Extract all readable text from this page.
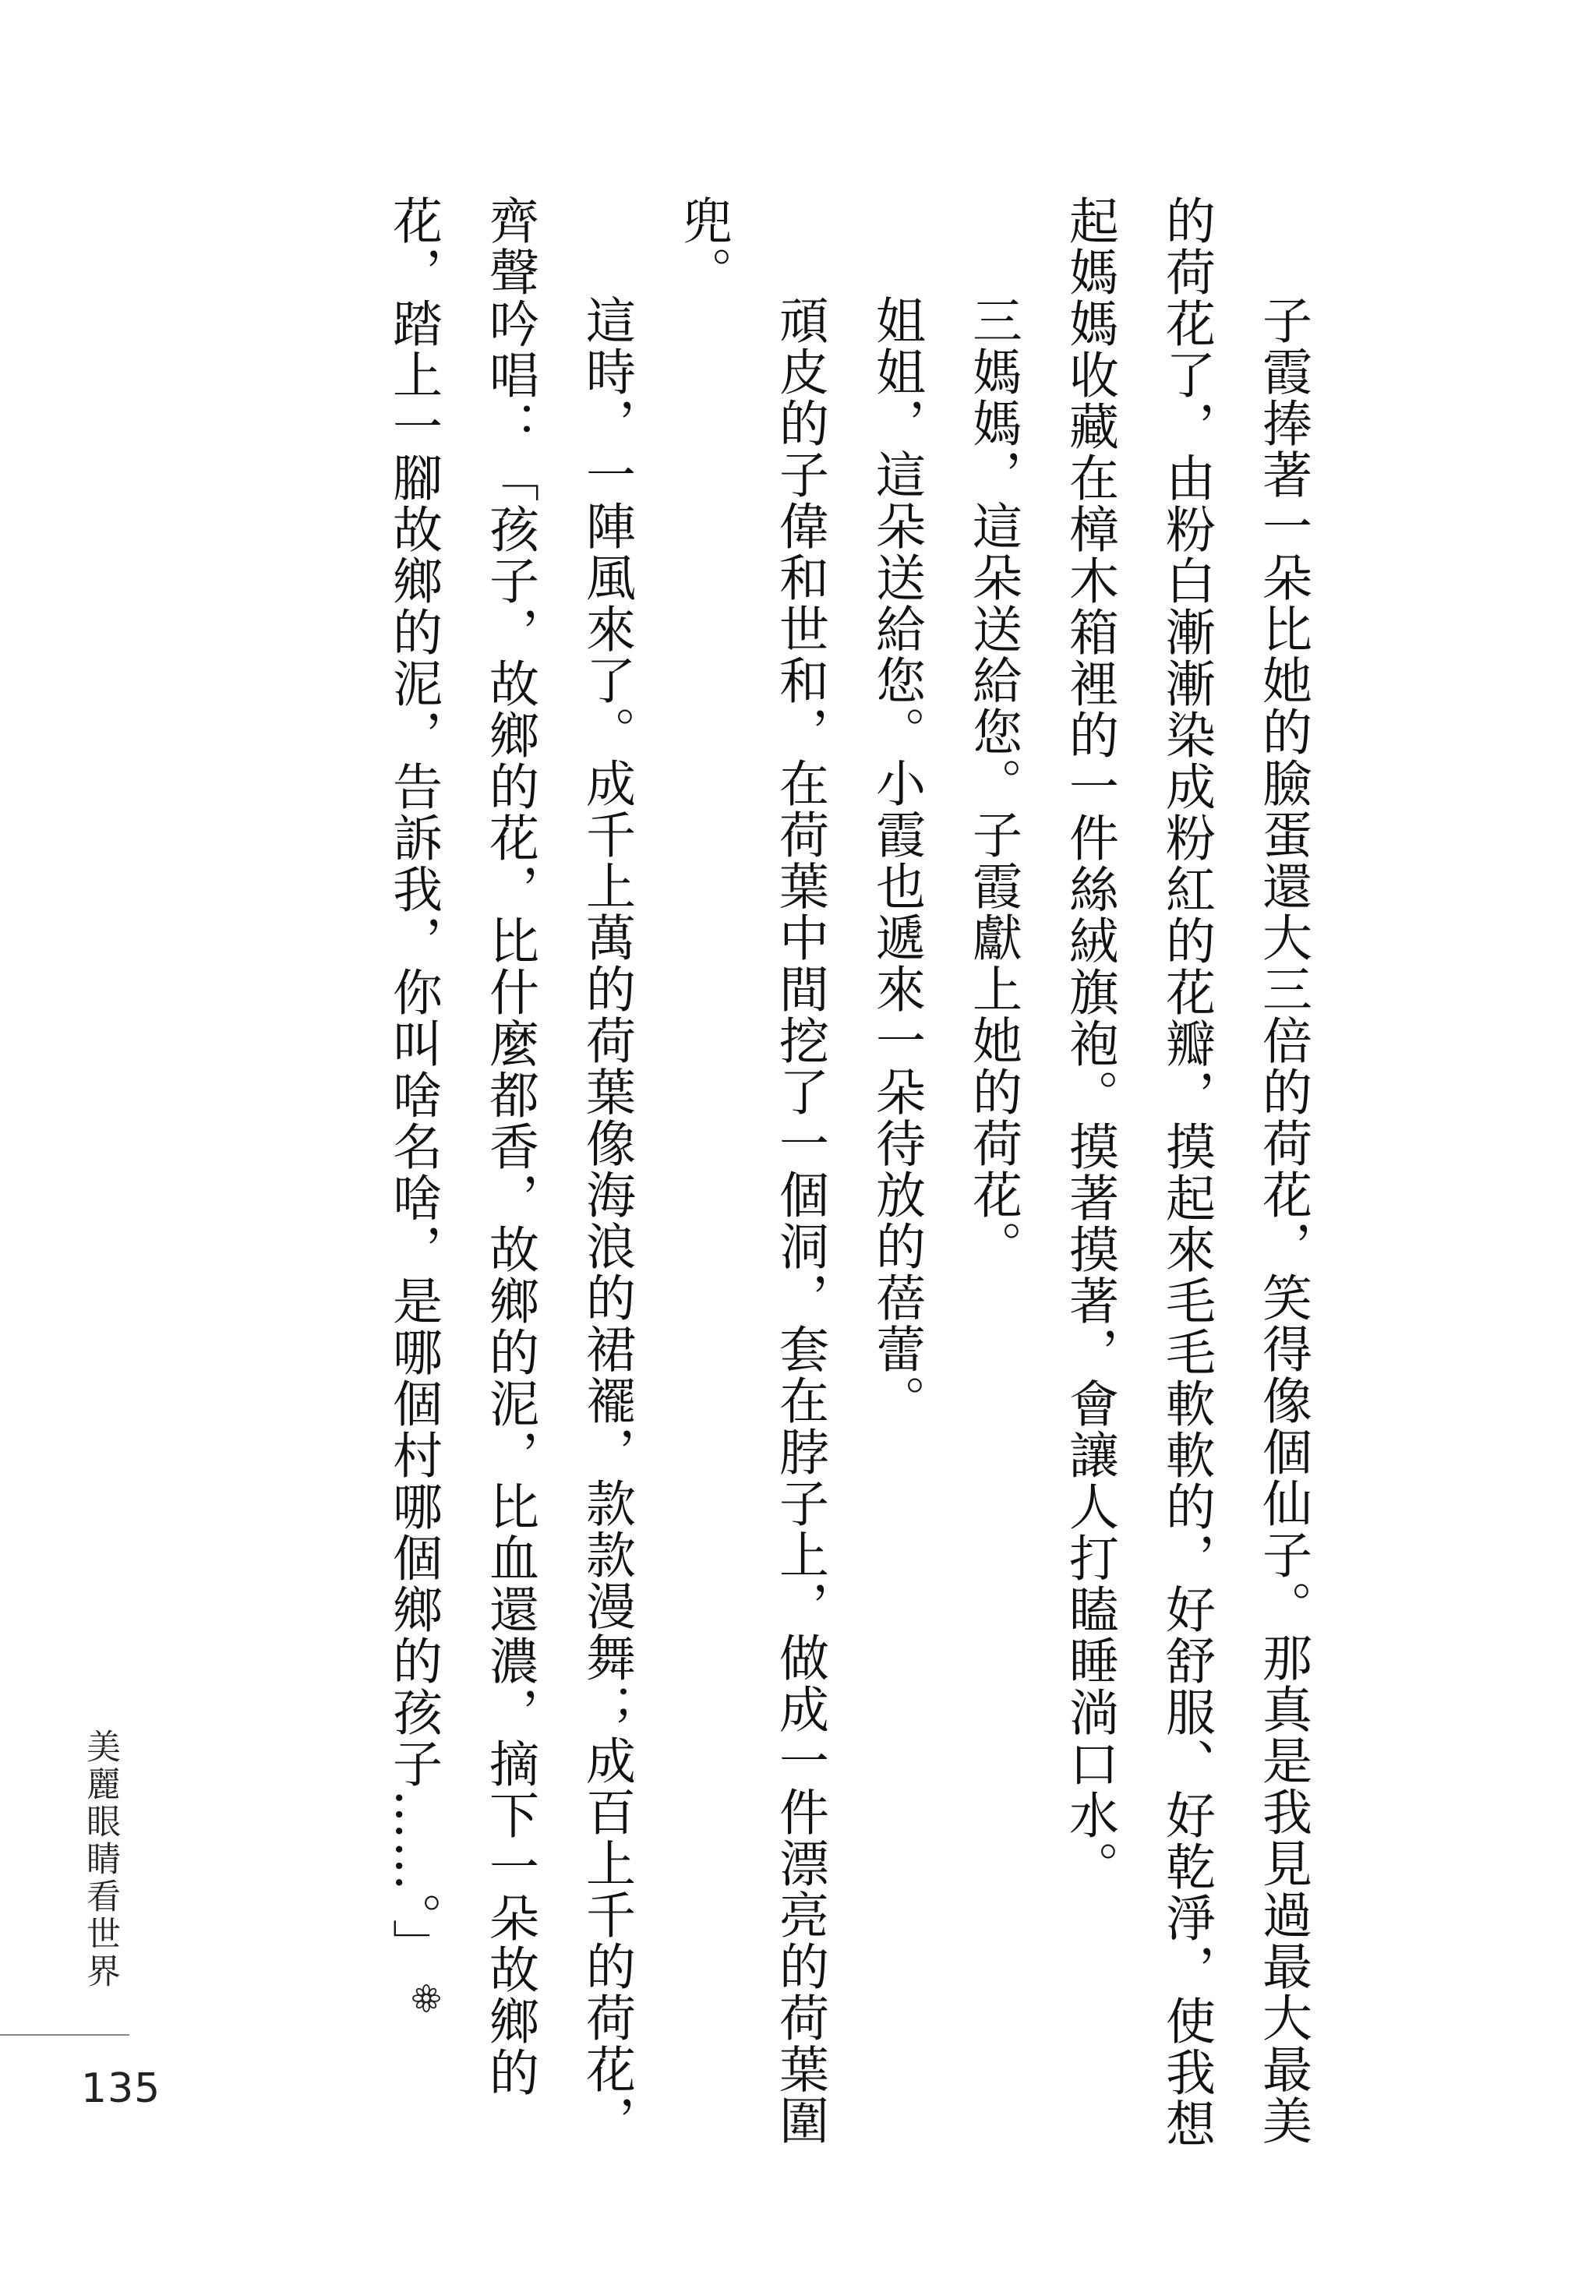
子霞捧著一朵比她的臉蛋還大三倍的荷花，笑得像個仙子。那真是我見過最大最美的荷花了，由粉白漸漸染成粉紅的花瓣，摸起來毛毛軟軟的，好舒服、好乾淨，使我想起媽媽收藏在樟木箱裡的一件絲絨旗袍。摸著摸著，會讓人打瞌睡淌口水。

三媽媽，這朵送給您。子霞獻上她的荷花。

姐姐，這朵送給您。小霞也遞來一朵待放的蓓蕾。

頑皮的子偉和世和，在荷葉中間挖了一個洞，套在脖子上，做成一件漂亮的荷葉圍兜。

這時，一陣風來了。成千上萬的荷葉像海浪的裙襬，款款漫舞；成百上千的荷花，齊聲吟唱：「孩子，故鄉的花，比什麼都香，故鄉的泥，比血還濃，摘下一朵故鄉的花，踏上一腳故鄉的泥，告訴我，你叫啥名啥，是哪個村哪個鄉的孩子……。」

美麗眼睛看世界
135
